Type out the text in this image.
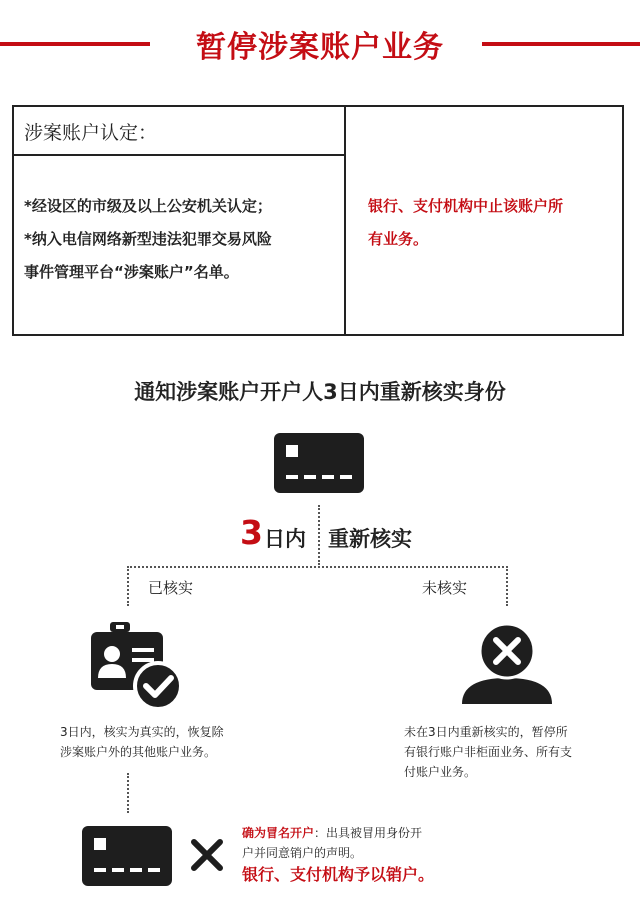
暂停涉案账户业务
涉案账户认定：
*经设区的市级及以上公安机关认定；
*纳入电信网络新型违法犯罪交易风险
事件管理平台“涉案账户”名单。
银行、支付机构中止该账户所
有业务。
通知涉案账户开户人3日内重新核实身份
3 日内 重新核实
已核实	未核实
3日内，核实为真实的，恢复除
涉案账户外的其他账户业务。
未在3日内重新核实的，暂停所
有银行账户非柜面业务、所有支
付账户业务。
确为冒名开户：出具被冒用身份开
户并同意销户的声明。
银行、支付机构予以销户。
